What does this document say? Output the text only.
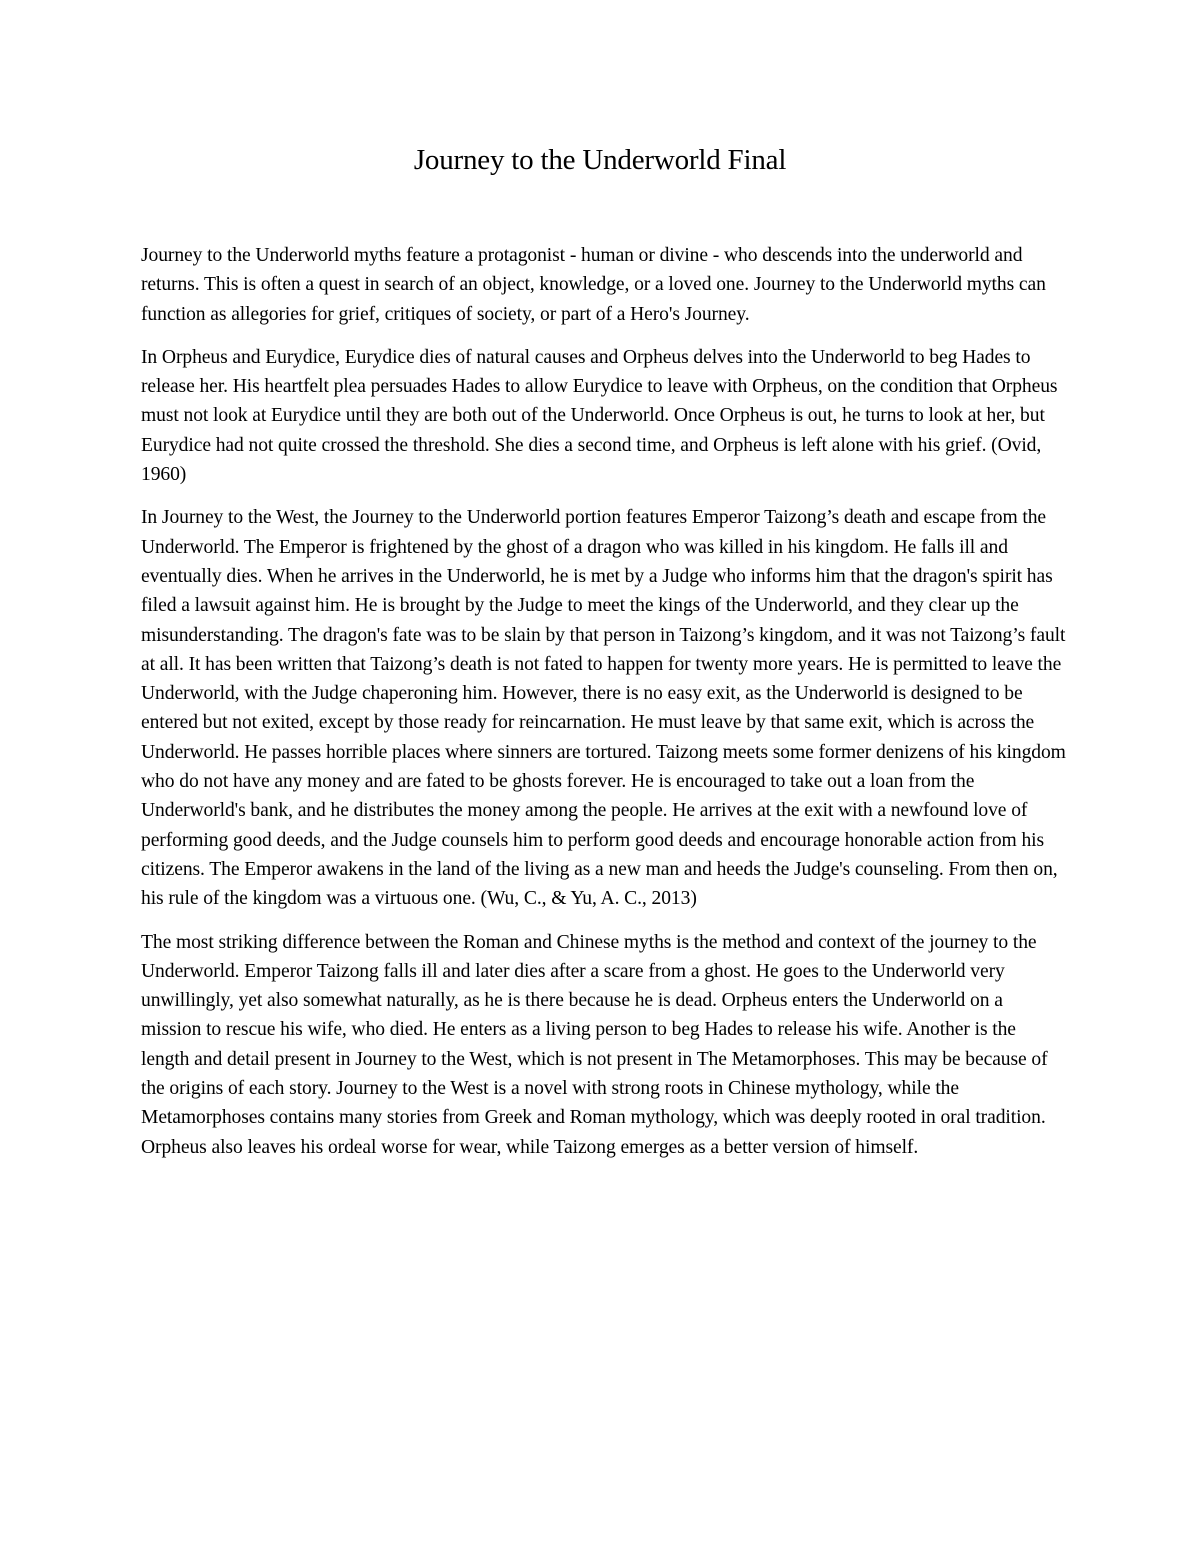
Journey to the Underworld Final

Journey to the Underworld myths feature a protagonist - human or divine - who descends into the underworld and returns. This is often a quest in search of an object, knowledge, or a loved one. Journey to the Underworld myths can function as allegories for grief, critiques of society, or part of a Hero's Journey.

In Orpheus and Eurydice, Eurydice dies of natural causes and Orpheus delves into the Underworld to beg Hades to release her. His heartfelt plea persuades Hades to allow Eurydice to leave with Orpheus, on the condition that Orpheus must not look at Eurydice until they are both out of the Underworld. Once Orpheus is out, he turns to look at her, but Eurydice had not quite crossed the threshold. She dies a second time, and Orpheus is left alone with his grief. (Ovid, 1960)

In Journey to the West, the Journey to the Underworld portion features Emperor Taizong’s death and escape from the Underworld. The Emperor is frightened by the ghost of a dragon who was killed in his kingdom. He falls ill and eventually dies. When he arrives in the Underworld, he is met by a Judge who informs him that the dragon's spirit has filed a lawsuit against him. He is brought by the Judge to meet the kings of the Underworld, and they clear up the misunderstanding. The dragon's fate was to be slain by that person in Taizong’s kingdom, and it was not Taizong’s fault at all. It has been written that Taizong’s death is not fated to happen for twenty more years. He is permitted to leave the Underworld, with the Judge chaperoning him. However, there is no easy exit, as the Underworld is designed to be entered but not exited, except by those ready for reincarnation. He must leave by that same exit, which is across the Underworld. He passes horrible places where sinners are tortured. Taizong meets some former denizens of his kingdom who do not have any money and are fated to be ghosts forever. He is encouraged to take out a loan from the Underworld's bank, and he distributes the money among the people. He arrives at the exit with a newfound love of performing good deeds, and the Judge counsels him to perform good deeds and encourage honorable action from his citizens. The Emperor awakens in the land of the living as a new man and heeds the Judge's counseling. From then on, his rule of the kingdom was a virtuous one. (Wu, C., & Yu, A. C., 2013)

The most striking difference between the Roman and Chinese myths is the method and context of the journey to the Underworld. Emperor Taizong falls ill and later dies after a scare from a ghost. He goes to the Underworld very unwillingly, yet also somewhat naturally, as he is there because he is dead. Orpheus enters the Underworld on a mission to rescue his wife, who died. He enters as a living person to beg Hades to release his wife. Another is the length and detail present in Journey to the West, which is not present in The Metamorphoses. This may be because of the origins of each story. Journey to the West is a novel with strong roots in Chinese mythology, while the Metamorphoses contains many stories from Greek and Roman mythology, which was deeply rooted in oral tradition. Orpheus also leaves his ordeal worse for wear, while Taizong emerges as a better version of himself.
